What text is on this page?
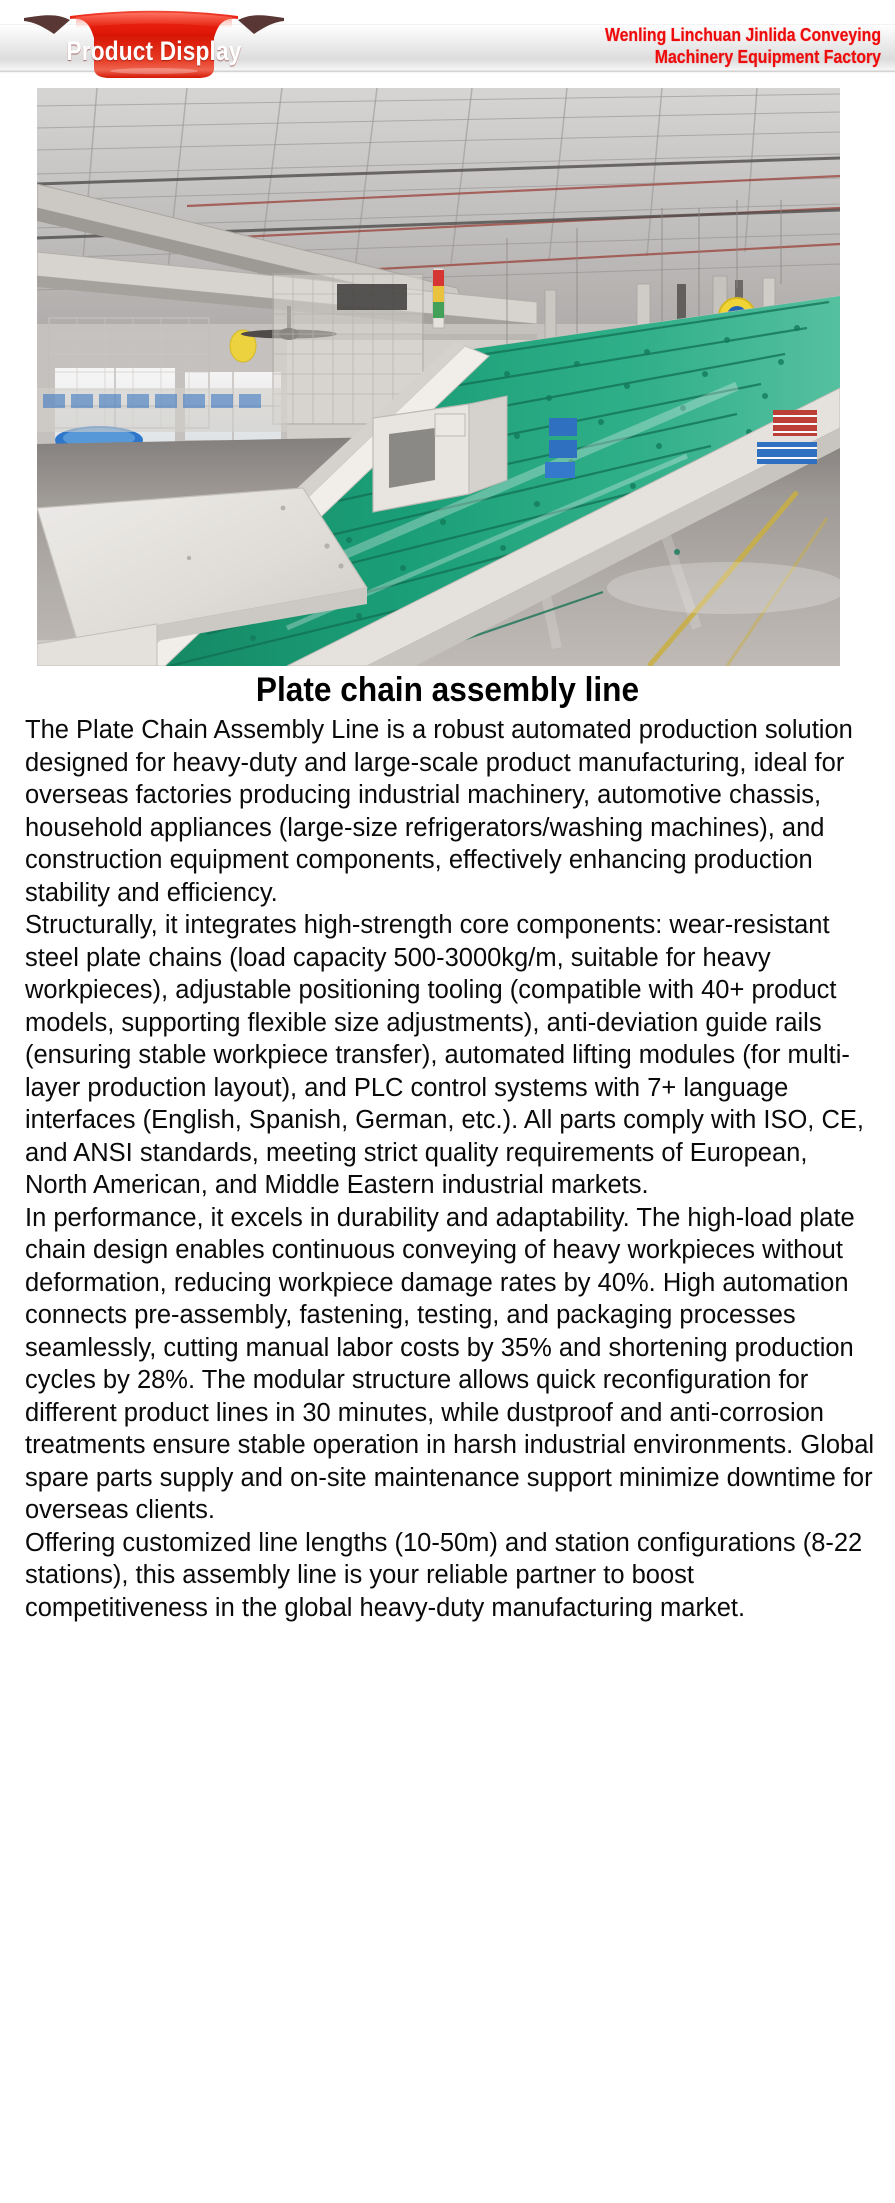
Product Display
Wenling Linchuan Jinlida Conveying
Machinery Equipment Factory
Plate chain assembly line

The Plate Chain Assembly Line is a robust automated production solution designed for heavy-duty and large-scale product manufacturing, ideal for overseas factories producing industrial machinery, automotive chassis, household appliances (large-size refrigerators/washing machines), and construction equipment components, effectively enhancing production stability and efficiency.

Structurally, it integrates high-strength core components: wear-resistant steel plate chains (load capacity 500-3000kg/m, suitable for heavy workpieces), adjustable positioning tooling (compatible with 40+ product models, supporting flexible size adjustments), anti-deviation guide rails (ensuring stable workpiece transfer), automated lifting modules (for multi-layer production layout), and PLC control systems with 7+ language interfaces (English, Spanish, German, etc.). All parts comply with ISO, CE, and ANSI standards, meeting strict quality requirements of European, North American, and Middle Eastern industrial markets.

In performance, it excels in durability and adaptability. The high-load plate chain design enables continuous conveying of heavy workpieces without deformation, reducing workpiece damage rates by 40%. High automation connects pre-assembly, fastening, testing, and packaging processes seamlessly, cutting manual labor costs by 35% and shortening production cycles by 28%. The modular structure allows quick reconfiguration for different product lines in 30 minutes, while dustproof and anti-corrosion treatments ensure stable operation in harsh industrial environments. Global spare parts supply and on-site maintenance support minimize downtime for overseas clients.

Offering customized line lengths (10-50m) and station configurations (8-22 stations), this assembly line is your reliable partner to boost competitiveness in the global heavy-duty manufacturing market.
